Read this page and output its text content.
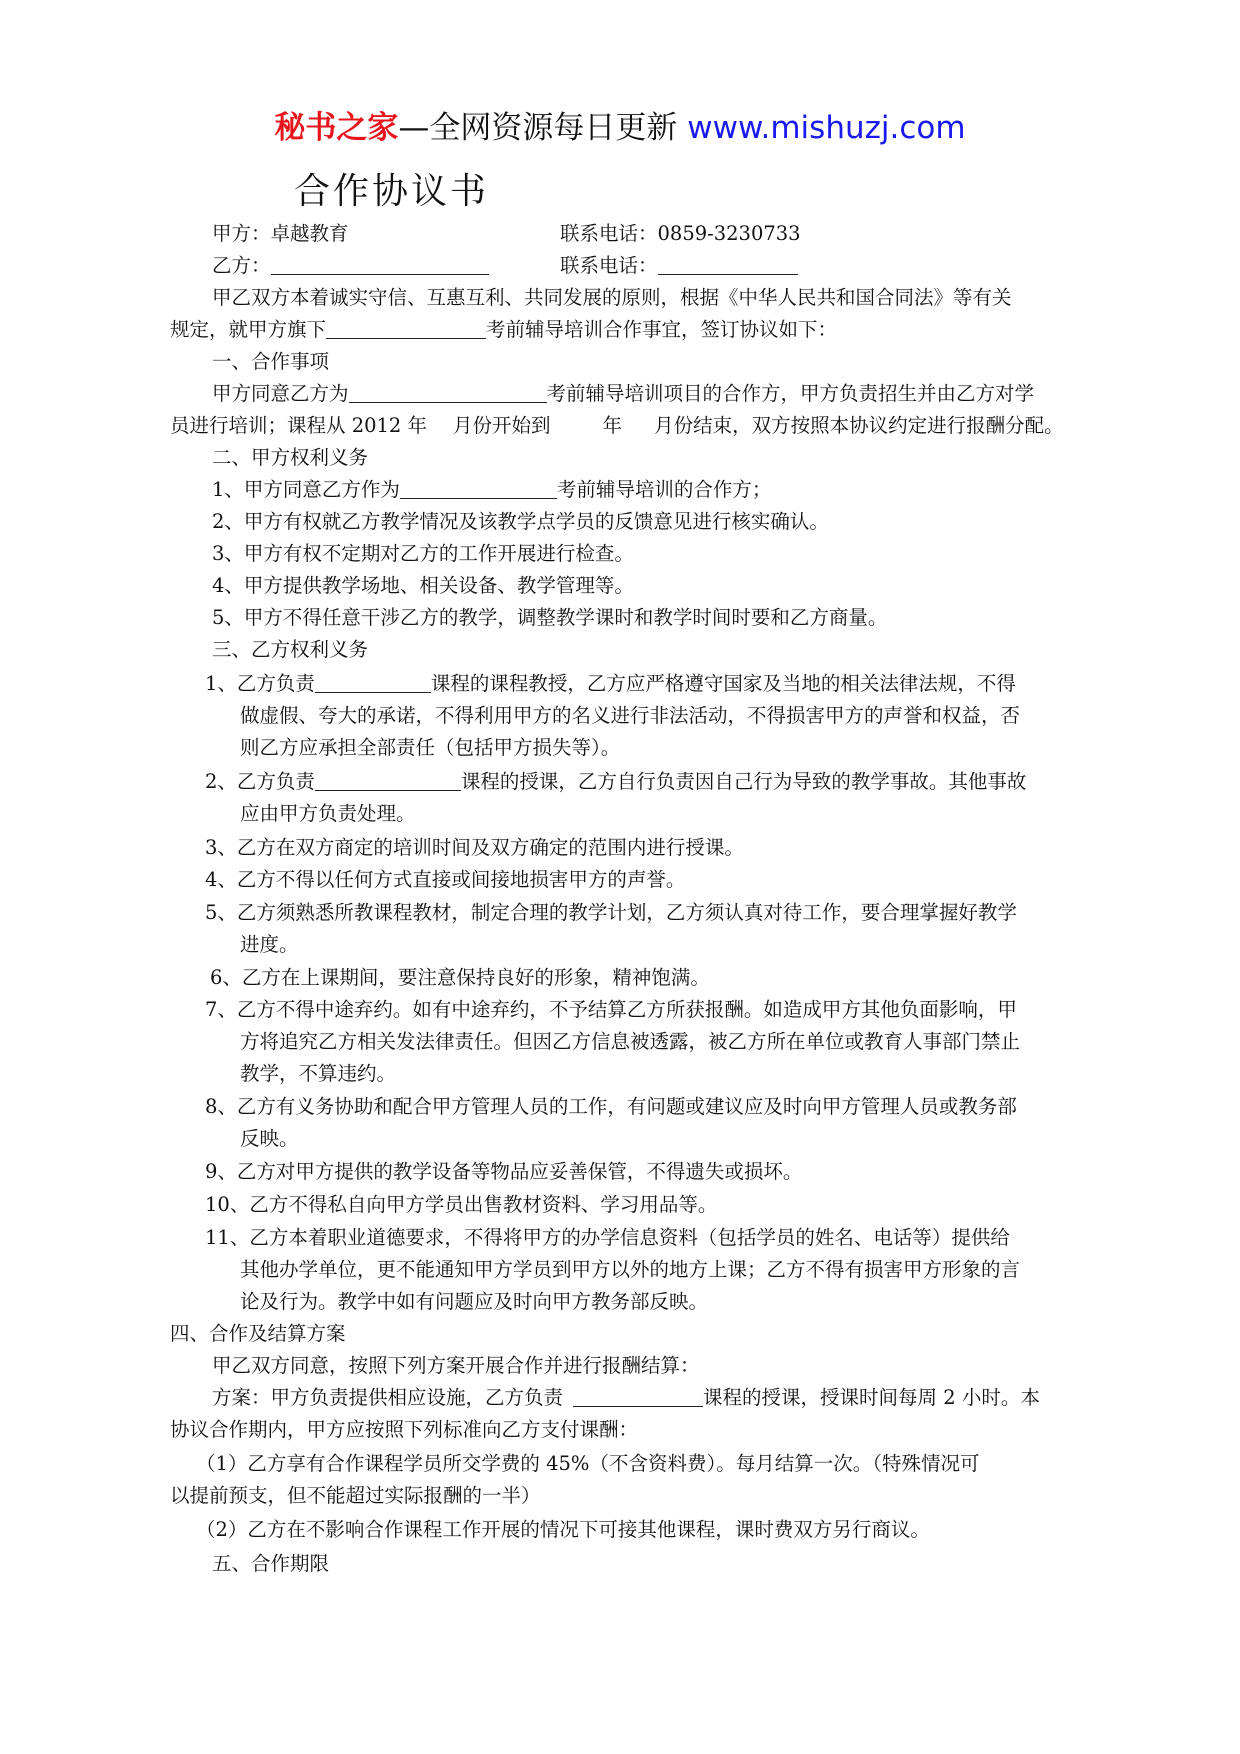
秘书之家—全网资源每日更新 www.mishuzj.com
合作协议书
甲方：卓越教育	联系电话：0859-3230733
乙方：	联系电话：
甲乙双方本着诚实守信、互惠互利、共同发展的原则，根据《中华人民共和国合同法》等有关
规定，就甲方旗下	考前辅导培训合作事宜，签订协议如下：
一、合作事项
甲方同意乙方为	考前辅导培训项目的合作方，甲方负责招生并由乙方对学
员进行培训；课程从 2012 年 月份开始到	年 月份结束，双方按照本协议约定进行报酬分配。
二、甲方权利义务
1、甲方同意乙方作为	考前辅导培训的合作方；
2、甲方有权就乙方教学情况及该教学点学员的反馈意见进行核实确认。
3、甲方有权不定期对乙方的工作开展进行检查。
4、甲方提供教学场地、相关设备、教学管理等。
5、甲方不得任意干涉乙方的教学，调整教学课时和教学时间时要和乙方商量。
三、乙方权利义务
1、乙方负责	课程的课程教授，乙方应严格遵守国家及当地的相关法律法规，不得
做虚假、夸大的承诺，不得利用甲方的名义进行非法活动，不得损害甲方的声誉和权益，否
则乙方应承担全部责任（包括甲方损失等）。
2、乙方负责	课程的授课，乙方自行负责因自己行为导致的教学事故。其他事故
应由甲方负责处理。
3、乙方在双方商定的培训时间及双方确定的范围内进行授课。
4、乙方不得以任何方式直接或间接地损害甲方的声誉。
5、乙方须熟悉所教课程教材，制定合理的教学计划，乙方须认真对待工作，要合理掌握好教学
进度。
6、乙方在上课期间，要注意保持良好的形象，精神饱满。
7、乙方不得中途弃约。如有中途弃约，不予结算乙方所获报酬。如造成甲方其他负面影响，甲
方将追究乙方相关发法律责任。但因乙方信息被透露，被乙方所在单位或教育人事部门禁止
教学，不算违约。
8、乙方有义务协助和配合甲方管理人员的工作，有问题或建议应及时向甲方管理人员或教务部
反映。
9、乙方对甲方提供的教学设备等物品应妥善保管，不得遗失或损坏。
10、乙方不得私自向甲方学员出售教材资料、学习用品等。
11、乙方本着职业道德要求，不得将甲方的办学信息资料（包括学员的姓名、电话等）提供给
其他办学单位，更不能通知甲方学员到甲方以外的地方上课；乙方不得有损害甲方形象的言
论及行为。教学中如有问题应及时向甲方教务部反映。
四、合作及结算方案
甲乙双方同意，按照下列方案开展合作并进行报酬结算：
方案：甲方负责提供相应设施，乙方负责	课程的授课，授课时间每周 2 小时。本
协议合作期内，甲方应按照下列标准向乙方支付课酬：
（1）乙方享有合作课程学员所交学费的 45%（不含资料费）。每月结算一次。（特殊情况可
以提前预支，但不能超过实际报酬的一半）
（2）乙方在不影响合作课程工作开展的情况下可接其他课程，课时费双方另行商议。
五、合作期限
